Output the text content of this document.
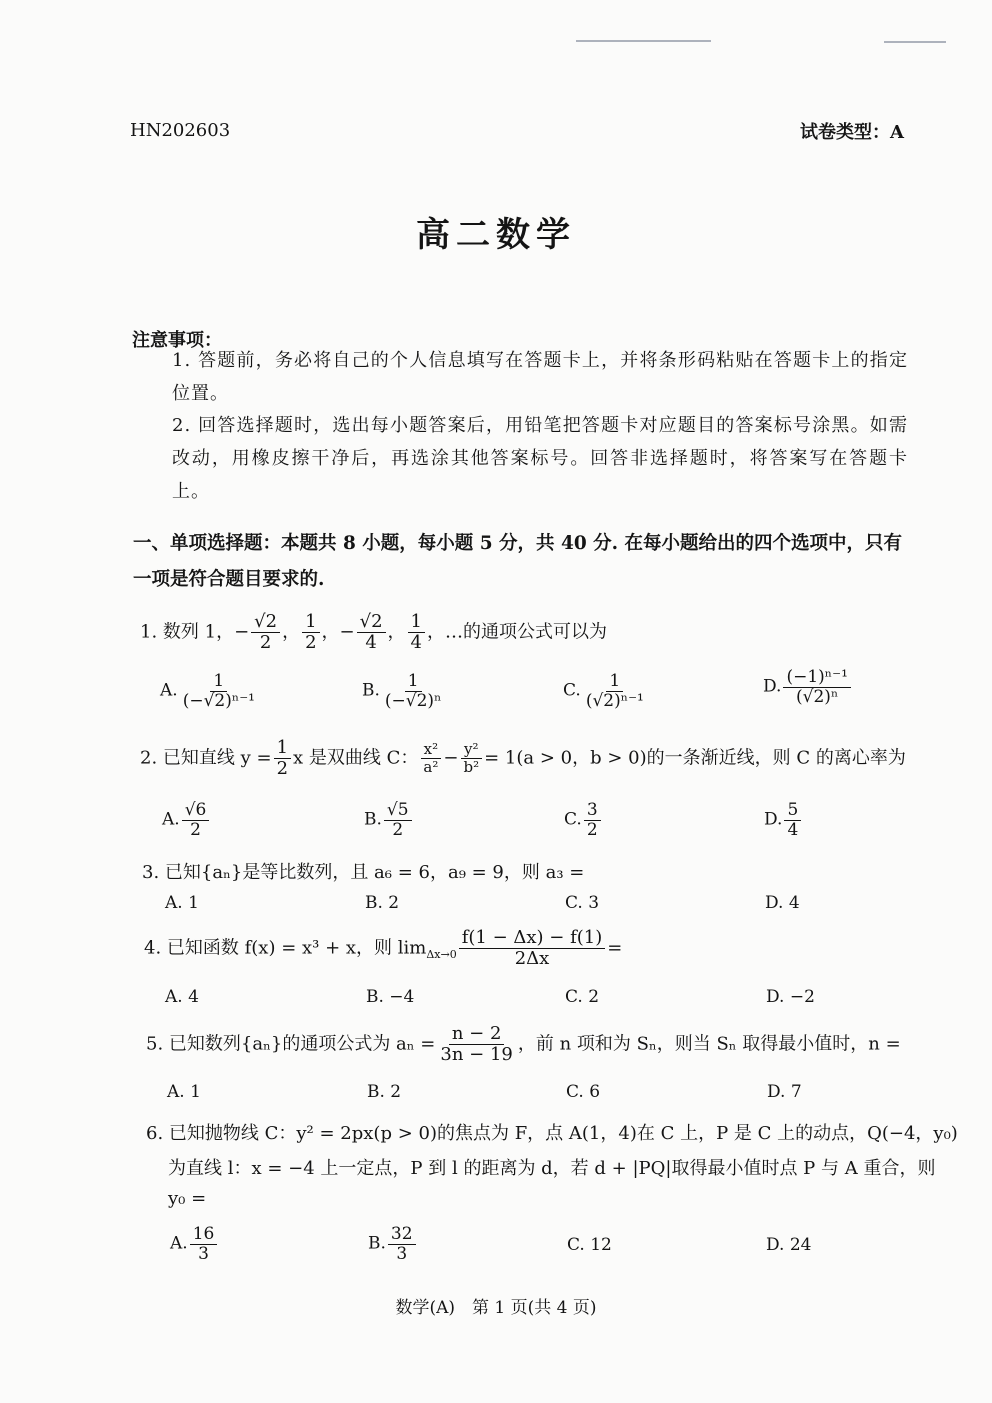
HN202603	试卷类型：A
高二数学
注意事项：
1. 答题前，务必将自己的个人信息填写在答题卡上，并将条形码粘贴在答题卡上的指定位置。
2. 回答选择题时，选出每小题答案后，用铅笔把答题卡对应题目的答案标号涂黑。如需改动，用橡皮擦干净后，再选涂其他答案标号。回答非选择题时，将答案写在答题卡上。
一、单项选择题：本题共 8 小题，每小题 5 分，共 40 分. 在每小题给出的四个选项中，只有一项是符合题目要求的.
1. 数列 1，− $\frac{√2}{2}$ ， $\frac{1}{2}$ ，− $\frac{√2}{4}$ ， $\frac{1}{4}$ ，…的通项公式可以为
A. $\frac{1}{\text{(−√2)ⁿ⁻¹}}$	B. $\frac{1}{\text{(−√2)ⁿ}}$	C. $\frac{1}{\text{(√2)ⁿ⁻¹}}$	D. $\frac{\text{(−1)ⁿ⁻¹}}{\text{(√2)ⁿ}}$
2. 已知直线 $y = \frac{1}{2}$ x 是双曲线 C： $\frac{\text{x²}}{\text{a²}} - \frac{\text{y²}}{\text{b²}} = 1(a > 0$，b > 0)的一条渐近线，则 C 的离心率为
A. $\frac{√6}{2}$	B. $\frac{√5}{2}$	C. $\frac{3}{2}$	D. $\frac{5}{4}$
3. 已知{aₙ}是等比数列，且 a₆ = 6，a₉ = 9，则 a₃ =
A. 1	B. 2	C. 3	D. 4
4. 已知函数 f(x) = x³ + x，则 $\lim_{\Delta x\to 0} \frac{f(1 - \Delta x) - f(1)}{2\Delta x}$ =
A. 4	B. −4	C. 2	D. −2
5. 已知数列{aₙ}的通项公式为 $a_n = \frac{n - 2}{3n - 19}$ ，前 n 项和为 Sₙ，则当 Sₙ 取得最小值时，n =
A. 1	B. 2	C. 6	D. 7
6. 已知抛物线 C：y² = 2px(p > 0)的焦点为 F，点 A(1，4)在 C 上，P 是 C 上的动点，Q(−4，y₀)
为直线 l：x = −4 上一定点，P 到 l 的距离为 d，若 d + |PQ|取得最小值时点 P 与 A 重合，则
y₀ =
A. $\frac{16}{3}$	B. $\frac{32}{3}$	C. 12	D. 24
数学(A)　第 1 页(共 4 页)
